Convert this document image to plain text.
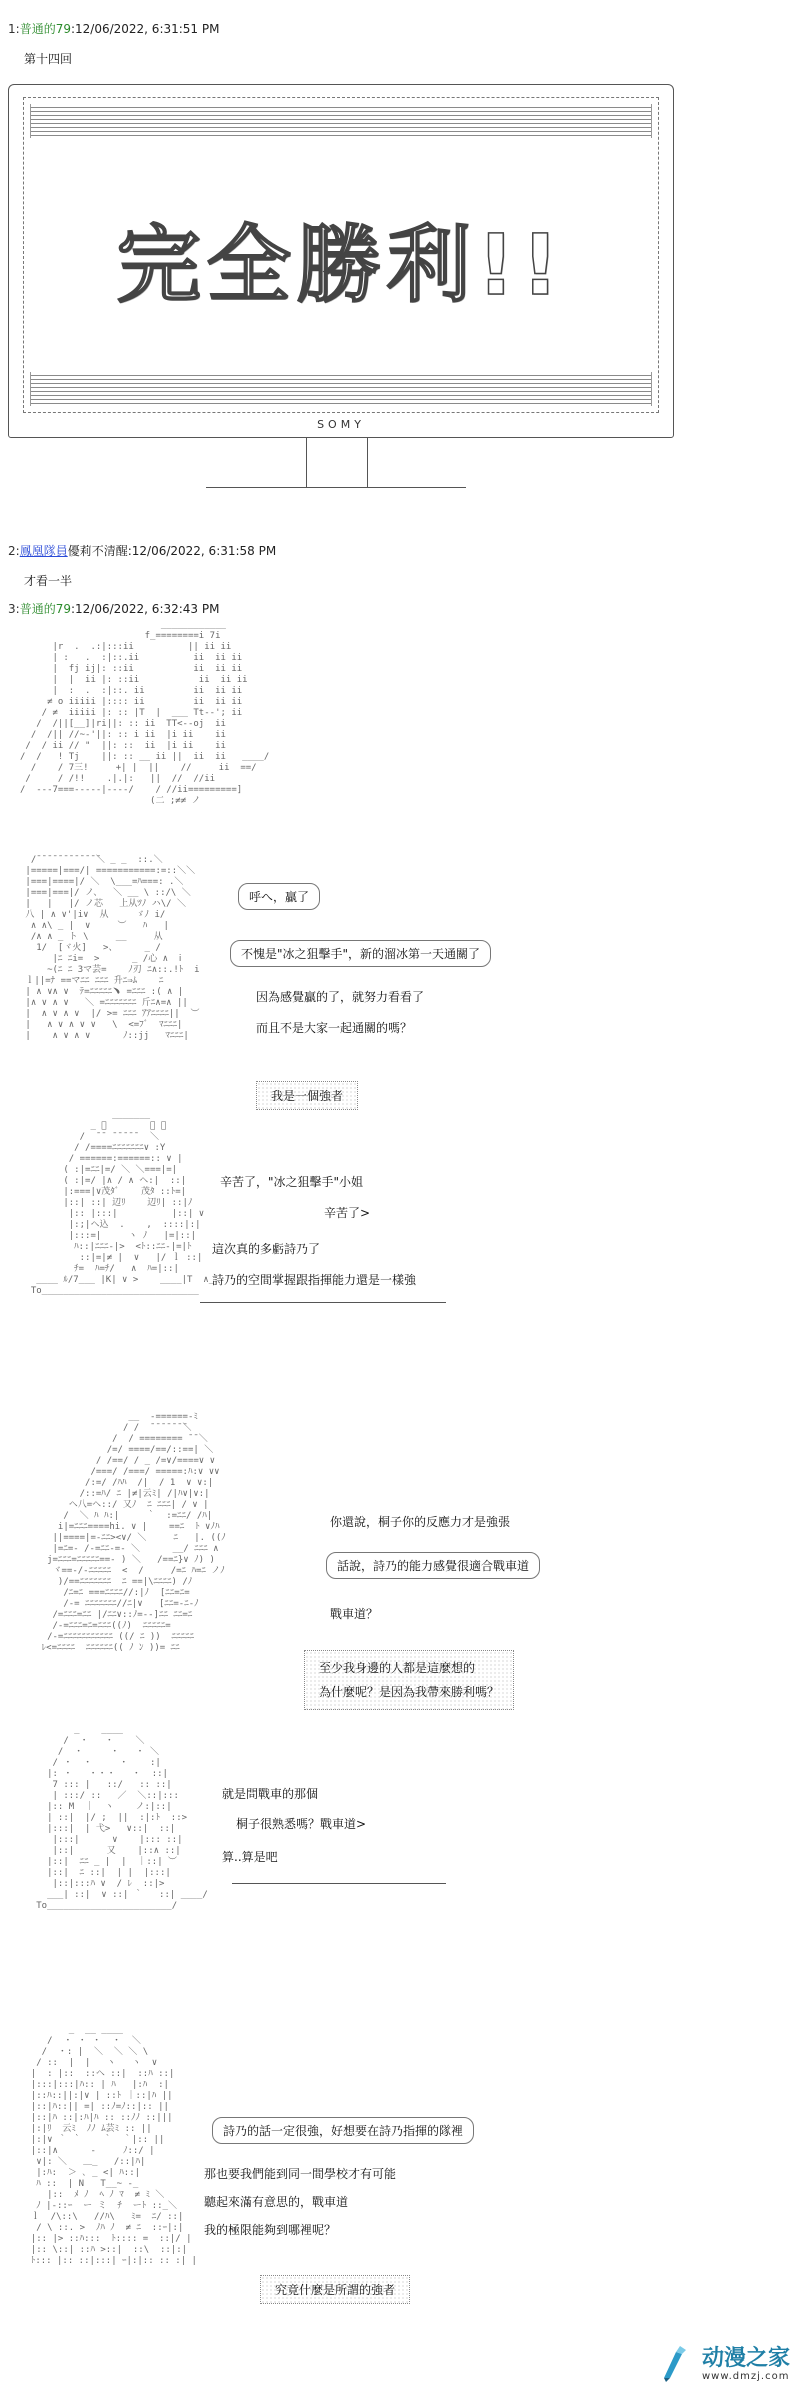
1:普通的79:12/06/2022, 6:31:51 PM
第十四回
完全勝利!!
SOMY
2:鳳凰隊員優莉不清醒:12/06/2022, 6:31:58 PM
才看一半
3:普通的79:12/06/2022, 6:32:43 PM
____________
f_========i 7i
|r  .  .:|:::ii          || ii ii
| :   .  :|::.ii          ii  ii ii
|  fj ij|: ::ii           ii  ii ii
|  |  ii |: ::ii           ii  ii ii
|  :  .  :|::. ii         ii  ii ii
≠ o iiiii |:::: ii         ii  ii ii
/ ≠  iiiii |: :: |T  |  ___ Tt--'; ii
/  /||[__]|ri||: :: ii  TT<--oj  ii
/  /|| //~-'||: :: i ii  |i ii    ii
/  / ii // "  ||: ::  ii  |i ii    ii
/  /   ! Tj    ||: :: __ ii ||  ii  ii   ____/
/    / 7三!     +| |  ||    //     ii  ==/
/     / /!!    .|.|:   ||  //  //ii
/  ---7===-----|----/    / //ii=========]
(二 ;≠≠ ノ

/̄ ̄ ̄ ̄ ̄ ̄ ̄ ̄ ̄ ̄ ̄ ̄＼ _ _  ::.＼
|=====|===/| ===========:=::＼＼
|===|====|/ ＼  \___=ﾊ===: .＼
|===|===|/ ノ、  ＼ __ \ ::/\ ＼
|   |   |/ ノ芯   上从ﾂﾉ ハ\/ ＼
八 | ∧ ∨'|i∨  从     ゞﾉ i/
∧ ∧\ _ |  ∨     ︶   ﾊ   |
/∧ ∧ _ ト \     __     从
1/  [ヾ火]   >、     _ /
|ﾆ ﾆi=  >      _ /心 ∧  ⅰ
~(ﾆ ﾆ 3マ芸=    ﾉ刃 ﾆ∧::.!ﾄ  i
ｌ||=ﾅ ==マﾆﾆ ﾆﾆﾆ 升ﾆ⇒ﾑ    ﾆ
| ∧ ∨∧ ∨  ﾃ=ﾆﾆﾆﾆﾆ﹅ =ﾆﾆﾆ :( ∧ |
|∧ ∨ ∧ ∨   ＼ =ﾆﾆﾆﾆﾆﾆﾆ 斤ﾆ∧=∧ ||
|  ∧ ∨ ∧ ∨  |/ >= ﾆﾆﾆ ｱｱﾆﾆﾆﾆ||  ︶
|   ∧ ∨ ∧ ∨ ∨   \  <=ﾌﾞ  ﾏﾆﾆﾆ|
|    ∧ ∨ ∧ ∨      ﾉ::jj   ﾏﾆﾆﾆ|

呼へ，贏了
不愧是"冰之狙擊手"，新的溜冰第一天通關了
因為感覺贏的了，就努力看看了
而且不是大家一起通關的嗎？
我是一個強者
_______
_ ﾞ        ︶ ＼
/  ̄ ̄  ̄ ̄ ̄ ̄ ̄   ＼
/ /====ﾆﾆﾆﾆﾆﾆﾆ∨ :Y
/ ======:======:: ∨ |
( :|=ﾆﾆ|=/ ＼ ＼===|=|
( :|=/ |∧ / ∧ ヘ:|  ::|
|:===|∨茂ﾀﾞ    茂ﾀ ::ﾄ=|
|::| ::| 辺ﾘ    辺ﾘ| ::|ﾉ
|:: |:::|          |::| ∨
|:;|ヘ込  .    ,  ::::|:|
|:::=|     ヽ ﾉ   |=|::|
ﾊ::|ﾆﾆﾆ-|>  <ﾄ::ﾆﾆ-|=|ﾄ
::|=|≠ |  ∨   |/ ｌ ::|
ﾁ=  ﾊ=ﾁ/   ∧  ﾊ=|::|
____ ﾙ/7___ |K| ∨ >    ____|T  ∧_
To_____________________________

辛苦了，"冰之狙擊手"小姐
辛苦了>
這次真的多虧詩乃了
詩乃的空間掌握跟指揮能力還是一樣強
__  -======-ﾐ
/ /  ̄ ̄ ̄ ̄ ̄ ̄ ̄＼
/  / ======== ̄ ̄ ＼
/=/ ====/==/::==| ＼
/ /==/ / _ /=∨/====∨ ∨
/===/ /===/ =====:ﾊ:∨ ∨∨
/:=/ /ﾊﾊ  /|  / 1  ∨ ∨:|
/::=ﾊ/ ﾆ |≠|云ﾐ| /|ﾊ∨|∨:|
ヘ八=ヘ::/ 又ﾉ  ﾆ ﾆﾆﾆ| / ∨ |
/  ＼ ﾊ ﾊ:|     ｀  :=ﾆﾆ/ /ﾊ|
i|=ﾆﾆﾆ====hi. ∨ |    ==ﾆ  ﾄ ∨ﾉﾊ
||====|=-ﾆﾆ><∨/ ＼     ﾆ   |. ((ﾉ
|=ﾆ=- /-=ﾆﾆ-=- ＼      __/ ﾆﾆﾆ ∧
j=ﾆﾆﾆ=ﾆﾆﾆﾆﾆ==- ) ＼   /==ﾆ}∨ ﾉ) )
ヾ==-/-ﾆﾆﾆﾆﾆ  <  /     /=ﾆ ﾊ=ﾆ ノﾉ
)/==ﾆﾆﾆﾆﾆﾆﾆ  ﾆ ==|\ﾆﾆﾆﾆ) /ﾉ
/ﾆ=ﾆ ===ﾆﾆﾆﾆ//:|ﾉ  [ﾆﾆ=ﾆ=
/-= ﾆﾆﾆﾆﾆﾆﾆ//ﾆ|∨   [ﾆﾆ=-ﾆ-ﾉ
/=ﾆﾆﾆ=ﾆﾆ |/ﾆﾆ∨::ﾉ=--]ﾆﾆ ﾆﾆ=ﾆ
/-=ﾆﾆﾆ=ﾆ=ﾆﾆﾆ((ﾉ)  ﾆﾆﾆﾆﾆ=
/-=ﾆﾆﾆﾆﾆﾆﾆﾆﾆﾆﾆ ((/ ﾆ ))  ﾆﾆﾆﾆﾆ
ﾚ<=ﾆﾆﾆﾆ  ﾆﾆﾆﾆﾆﾆ(( ﾉ ﾝ ))= ﾆﾆ

你還說，桐子你的反應力才是強張
話說，詩乃的能力感覺很適合戰車道
戰車道？
至少我身邊的人都是這麼想的
為什麼呢？是因為我帶來勝利嗎？
_    ____
/  ・   ・    ＼
/  ・     ・   ・ ＼
/ ・  ・     ・    :|
|: ・   ・・・   ・  ::|
7 ::: |   ::/   :: ::|
| :::/ ::   ／  ＼::|:::
|:: M  ｜  ヽ    ノ:|::|
| ::|  |/ ;  ||  :|:ﾄ  ::>
|:::|  | 弋>   ∨::|  ::|
|:::|      ∨    |::: ::|
|::|      又    |::∧ ::|
|::|  ﾆﾆ _ |  |  ｜::| ︶
|::|  ﾆ ::|  | |  |:::|
|::|:::ﾊ ∨  / ﾚ  ::|>
___| ::|  ∨ ::| ｀   ::| ____/
To_______________________/

就是問戰車的那個
桐子很熟悉嗎？戰車道>
算..算是吧
_  __ ____
/  ・ ・ ・  ・  ＼
/  ・: |  ＼  ＼ ＼ \
/ ::  |  |   ヽ   ヽ  ∨
|  : |::  ::ヘ ::|  ::ﾊ ::|
|:::|:::|ﾊ:: | ﾊ   |:ﾊ  :|
|::ﾊ::||:|∨ | ::ﾄ ｜::|ﾊ ||
|::|ﾊ::|| =| ::ﾉ=ﾉ::|:: ||
|::|ﾊ ::|:ﾊ|ﾊ :: ::ﾉﾉ ::|||
|:|ﾘ  云ﾐ  ﾉﾉ ﾑ芸ﾐ :: ||
|:|∨ ｀ ｀    ｀  ｀|:: ||
|::|∧      -     ﾉ::/ |
∨|: ＼   ＿_   /::|ﾊ|
|:ﾊ:  ＞ ､ _ <| ﾊ::|
ﾊ ::  | N   T__~ -_
|::  ﾒ ﾉ  ﾍ ﾉ ﾏ  ≠ ﾐ ＼
ﾉ |-::ｰ  ー ミ  ﾁ  ーﾄ ::_＼
ｌ  /\::\   //ﾊ\   ﾐ=  ﾆ/ ::|
/ \ ::. >  ﾉﾊ ﾉ  ≠ ﾆ  ::ｰ|:|
|:: |> ::ﾊ:::  ﾄ:::: =  ::|/ |
|:: \::| ::ﾊ >::|  ::\  ::|:|
ﾄ::: |:: ::|:::| ｰ|:|:: :: :| |

詩乃的話一定很強，好想要在詩乃指揮的隊裡
那也要我們能到同一間學校才有可能
聽起來滿有意思的，戰車道
我的極限能夠到哪裡呢？
究竟什麼是所謂的強者
动漫之家
www.dmzj.com
